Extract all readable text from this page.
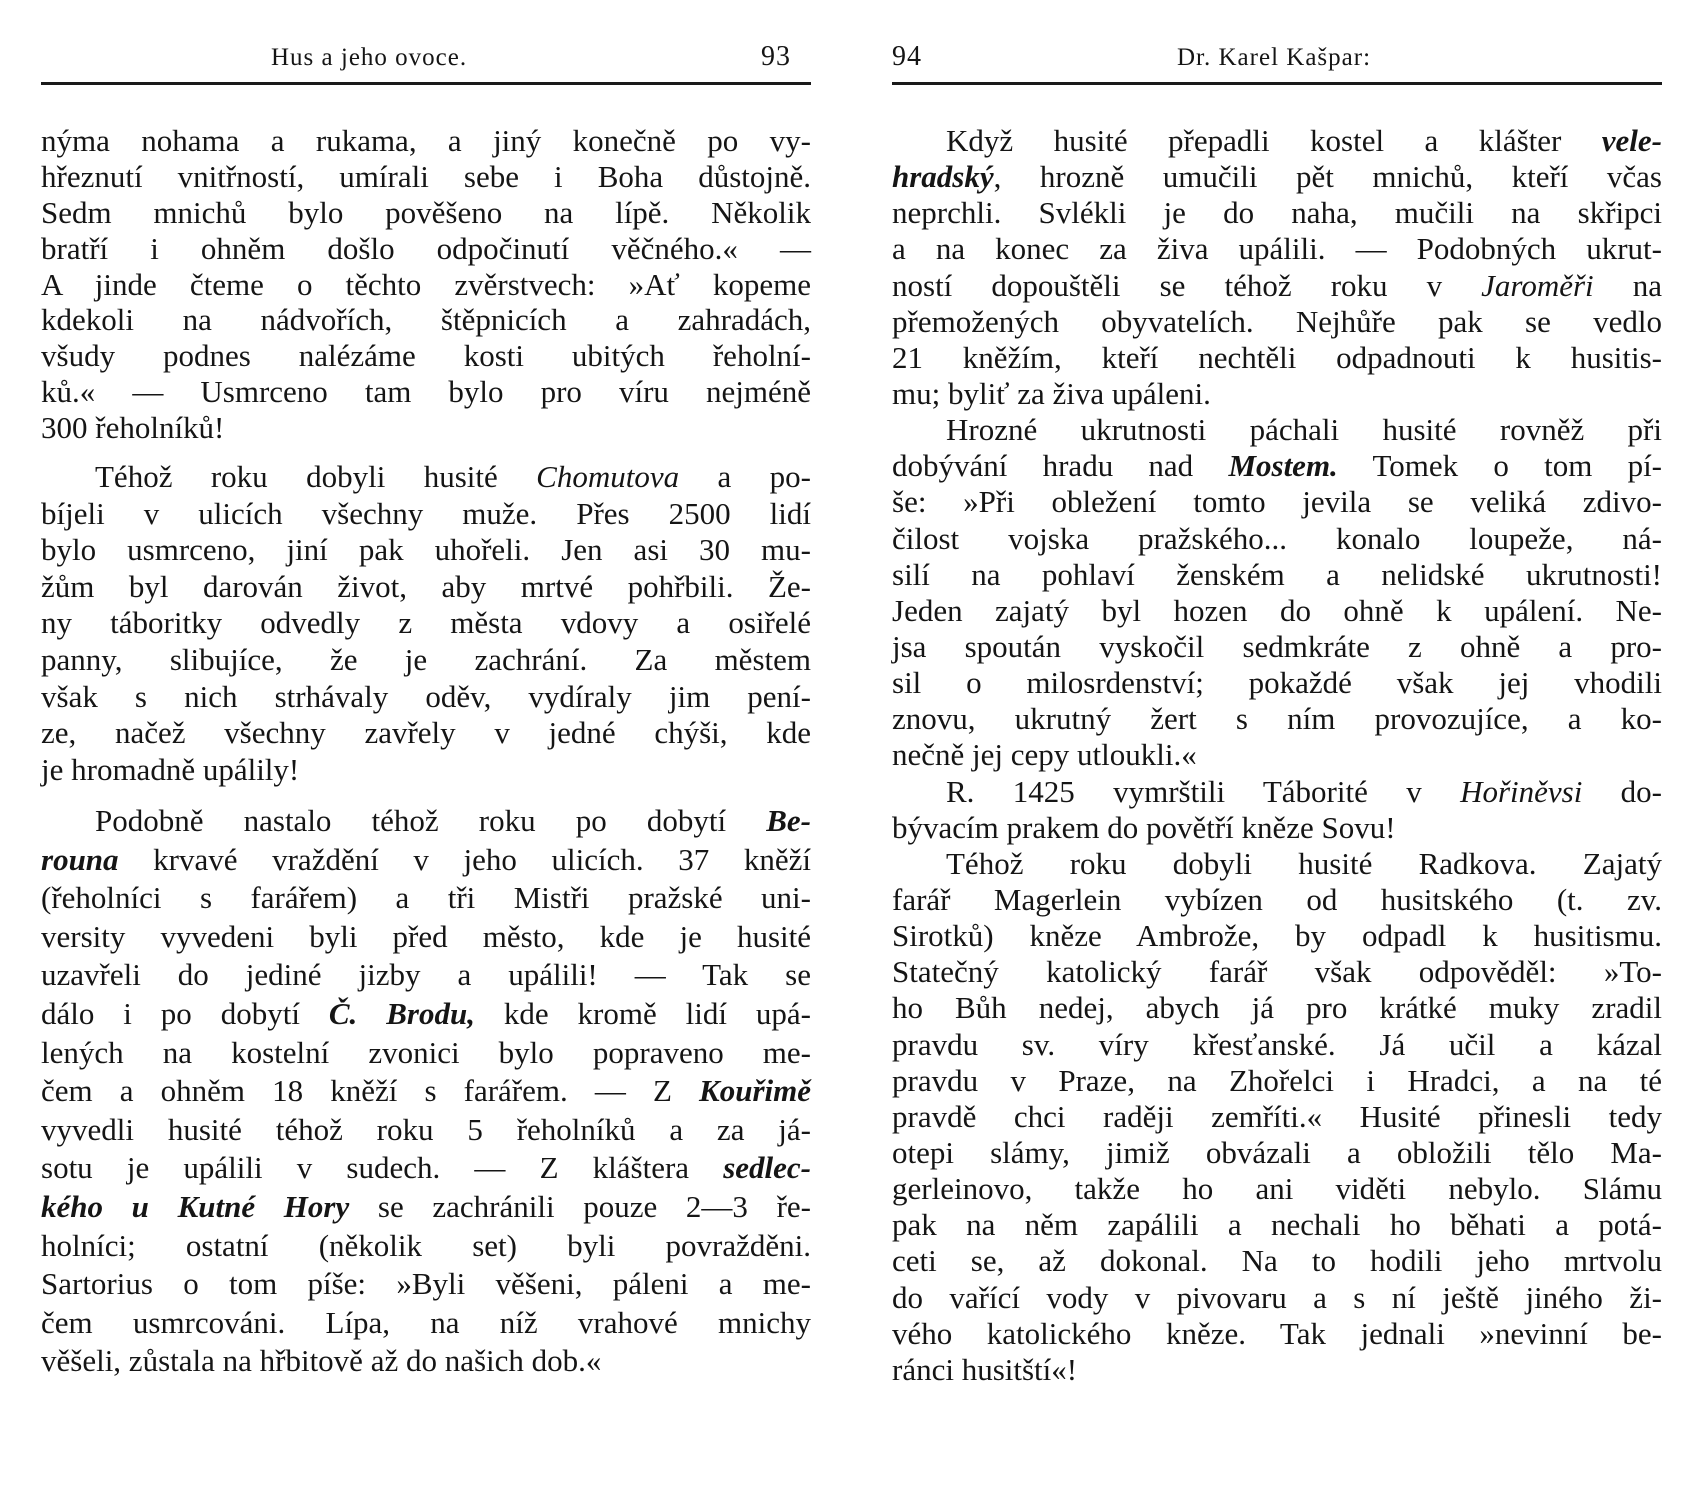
Hus a jeho ovoce.	93
nýma nohama a rukama, a jiný konečně po vy-
hřeznutí vnitřností, umírali sebe i Boha důstojně.
Sedm mnichů bylo pověšeno na lípě. Několik
bratří i ohněm došlo odpočinutí věčného.« —
A jinde čteme o těchto zvěrstvech: »Ať kopeme
kdekoli na nádvořích, štěpnicích a zahradách,
všudy podnes nalézáme kosti ubitých řeholní-
ků.« — Usmrceno tam bylo pro víru nejméně
300 řeholníků!
Téhož roku dobyli husité Chomutova a po-
bíjeli v ulicích všechny muže. Přes 2500 lidí
bylo usmrceno, jiní pak uhořeli. Jen asi 30 mu-
žům byl darován život, aby mrtvé pohřbili. Že-
ny táboritky odvedly z města vdovy a osiřelé
panny, slibujíce, že je zachrání. Za městem
však s nich strhávaly oděv, vydíraly jim pení-
ze, načež všechny zavřely v jedné chýši, kde
je hromadně upálily!
Podobně nastalo téhož roku po dobytí Be-
rouna krvavé vraždění v jeho ulicích. 37 kněží
(řeholníci s farářem) a tři Mistři pražské uni-
versity vyvedeni byli před město, kde je husité
uzavřeli do jediné jizby a upálili! — Tak se
dálo i po dobytí Č. Brodu, kde kromě lidí upá-
lených na kostelní zvonici bylo popraveno me-
čem a ohněm 18 kněží s farářem. — Z Kouřimě
vyvedli husité téhož roku 5 řeholníků a za já-
sotu je upálili v sudech. — Z kláštera sedlec-
kého u Kutné Hory se zachránili pouze 2—3 ře-
holníci; ostatní (několik set) byli povražděni.
Sartorius o tom píše: »Byli věšeni, páleni a me-
čem usmrcováni. Lípa, na níž vrahové mnichy
věšeli, zůstala na hřbitově až do našich dob.«
94	Dr. Karel Kašpar:
Když husité přepadli kostel a klášter vele-
hradský, hrozně umučili pět mnichů, kteří včas
neprchli. Svlékli je do naha, mučili na skřipci
a na konec za živa upálili. — Podobných ukrut-
ností dopouštěli se téhož roku v Jaroměři na
přemožených obyvatelích. Nejhůře pak se vedlo
21 kněžím, kteří nechtěli odpadnouti k husitis-
mu; byliť za živa upáleni.
Hrozné ukrutnosti páchali husité rovněž při
dobývání hradu nad Mostem. Tomek o tom pí-
še: »Při obležení tomto jevila se veliká zdivo-
čilost vojska pražského... konalo loupeže, ná-
silí na pohlaví ženském a nelidské ukrutnosti!
Jeden zajatý byl hozen do ohně k upálení. Ne-
jsa spoután vyskočil sedmkráte z ohně a pro-
sil o milosrdenství; pokaždé však jej vhodili
znovu, ukrutný žert s ním provozujíce, a ko-
nečně jej cepy utloukli.«
R. 1425 vymrštili Táborité v Hořiněvsi do-
bývacím prakem do povětří kněze Sovu!
Téhož roku dobyli husité Radkova. Zajatý
farář Magerlein vybízen od husitského (t. zv.
Sirotků) kněze Ambrože, by odpadl k husitismu.
Statečný katolický farář však odpověděl: »To-
ho Bůh nedej, abych já pro krátké muky zradil
pravdu sv. víry křesťanské. Já učil a kázal
pravdu v Praze, na Zhořelci i Hradci, a na té
pravdě chci raději zemříti.« Husité přinesli tedy
otepi slámy, jimiž obvázali a obložili tělo Ma-
gerleinovo, takže ho ani viděti nebylo. Slámu
pak na něm zapálili a nechali ho běhati a potá-
ceti se, až dokonal. Na to hodili jeho mrtvolu
do vařící vody v pivovaru a s ní ještě jiného ži-
vého katolického kněze. Tak jednali »nevinní be-
ránci husitští«!
